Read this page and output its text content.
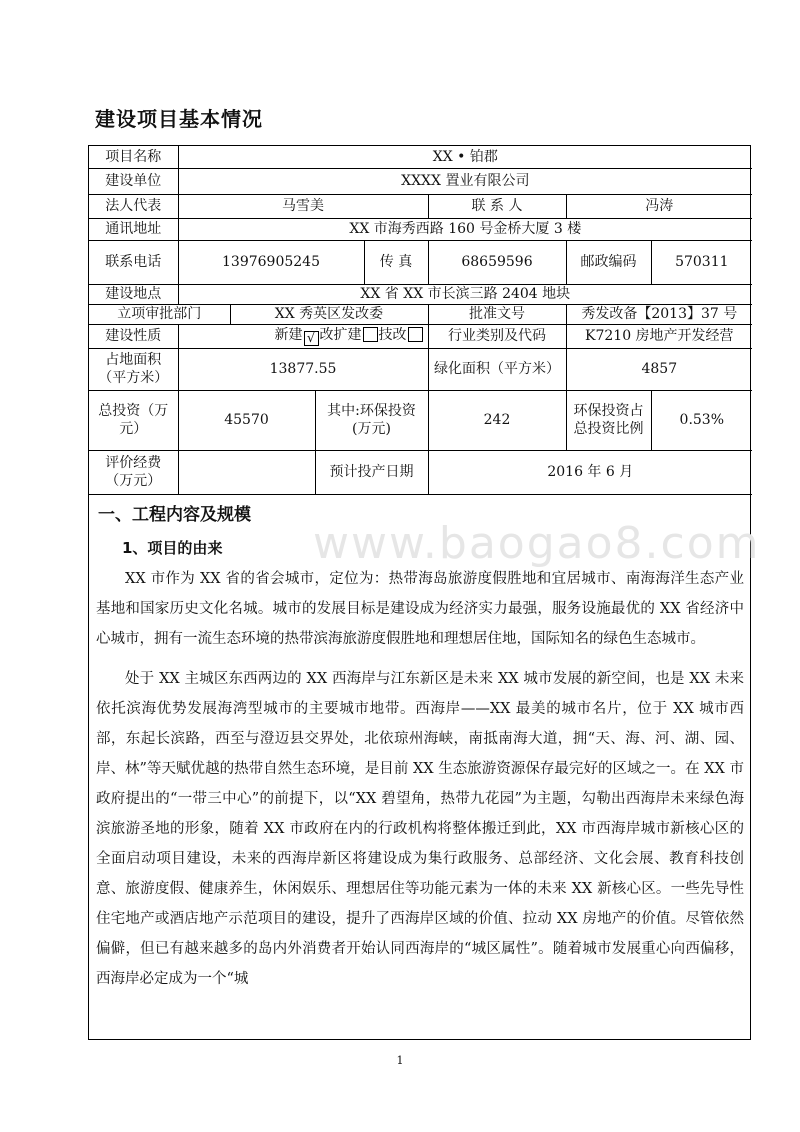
建设项目基本情况
项目名称	XX • 铂郡						
建设单位	XXXX 置业有限公司						
法人代表	马雪美				联 系 人	冯涛	
通讯地址	XX 市海秀西路 160 号金桥大厦 3 楼						
联系电话	13976905245			传 真	68659596	邮政编码	570311
建设地点	XX 省 XX 市长滨三路 2404 地块						
立项审批部门		XX 秀英区发改委			批准文号	秀发改备【2013】37 号	
建设性质	新建 √ 改扩建 技改				行业类别及代码	K7210 房地产开发经营	
占地面积（平方米）	13877.55				绿化面积（平方米）	4857	
总投资（万元）	45570		其中:环保投资(万元)		242	环保投资占总投资比例	0.53%
评价经费（万元）			预计投产日期		2016 年 6 月		
一、工程内容及规模
1、项目的由来

XX 市作为 XX 省的省会城市，定位为：热带海岛旅游度假胜地和宜居城市、南海海洋生态产业基地和国家历史文化名城。城市的发展目标是建设成为经济实力最强，服务设施最优的 XX 省经济中心城市，拥有一流生态环境的热带滨海旅游度假胜地和理想居住地，国际知名的绿色生态城市。

处于 XX 主城区东西两边的 XX 西海岸与江东新区是未来 XX 城市发展的新空间，也是 XX 未来依托滨海优势发展海湾型城市的主要城市地带。西海岸——XX 最美的城市名片，位于 XX 城市西部，东起长滨路，西至与澄迈县交界处，北依琼州海峡，南抵南海大道，拥“天、海、河、湖、园、岸、林”等天赋优越的热带自然生态环境，是目前 XX 生态旅游资源保存最完好的区域之一。在 XX 市政府提出的“一带三中心”的前提下，以“XX 碧望角，热带九花园”为主题，勾勒出西海岸未来绿色海滨旅游圣地的形象，随着 XX 市政府在内的行政机构将整体搬迁到此，XX 市西海岸城市新核心区的全面启动项目建设，未来的西海岸新区将建设成为集行政服务、总部经济、文化会展、教育科技创意、旅游度假、健康养生，休闲娱乐、理想居住等功能元素为一体的未来 XX 新核心区。一些先导性住宅地产或酒店地产示范项目的建设，提升了西海岸区域的价值、拉动 XX 房地产的价值。尽管依然偏僻，但已有越来越多的岛内外消费者开始认同西海岸的“城区属性”。随着城市发展重心向西偏移，西海岸必定成为一个“城

www.baogao8.com
1
